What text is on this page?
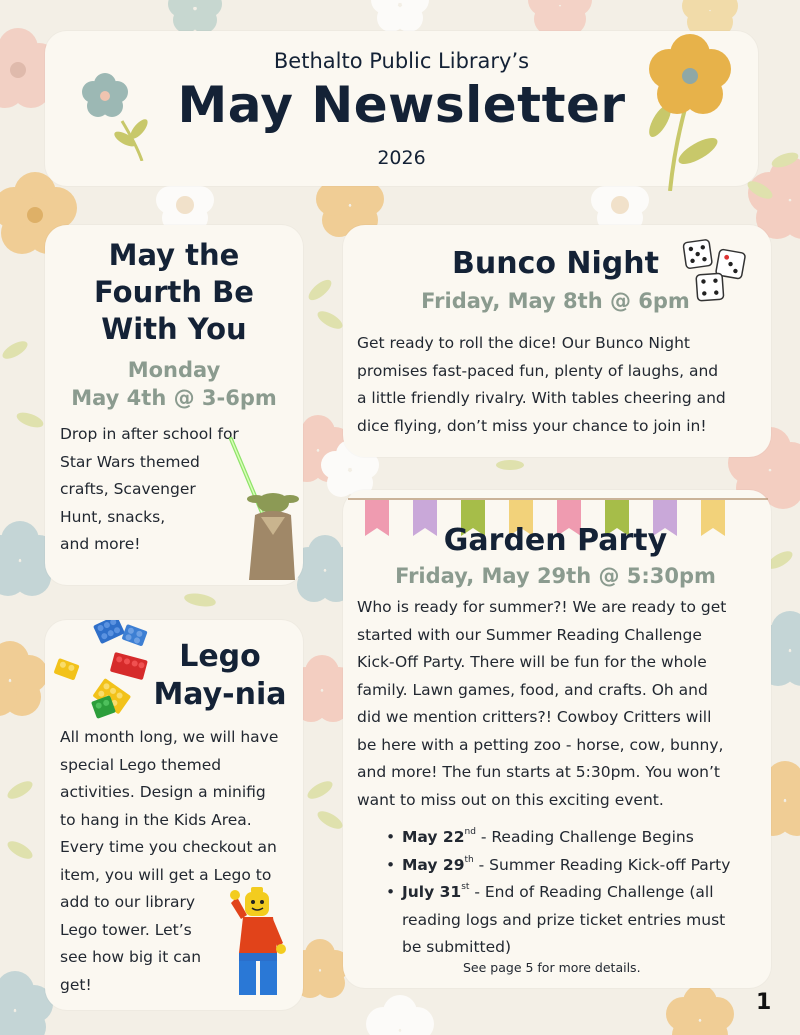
Bethalto Public Library’s
May Newsletter
2026
May the
Fourth Be
With You
Monday
May 4th @ 3-6pm
Drop in after school for
Star Wars themed
crafts, Scavenger
Hunt, snacks,
and more!
Bunco Night
Friday, May 8th @ 6pm
Get ready to roll the dice! Our Bunco Night
promises fast-paced fun, plenty of laughs, and
a little friendly rivalry. With tables cheering and
dice flying, don’t miss your chance to join in!
Garden Party
Friday, May 29th @ 5:30pm
Who is ready for summer?! We are ready to get
started with our Summer Reading Challenge
Kick-Off Party. There will be fun for the whole
family. Lawn games, food, and crafts. Oh and
did we mention critters?! Cowboy Critters will
be here with a petting zoo - horse, cow, bunny,
and more! The fun starts at 5:30pm. You won’t
want to miss out on this exciting event.
• May 22nd - Reading Challenge Begins
• May 29th - Summer Reading Kick-off Party
• July 31st - End of Reading Challenge (all
reading logs and prize ticket entries must
be submitted)
See page 5 for more details.
Lego
May-nia
All month long, we will have
special Lego themed
activities. Design a minifig
to hang in the Kids Area.
Every time you checkout an
item, you will get a Lego to
add to our library
Lego tower. Let’s
see how big it can
get!
1
